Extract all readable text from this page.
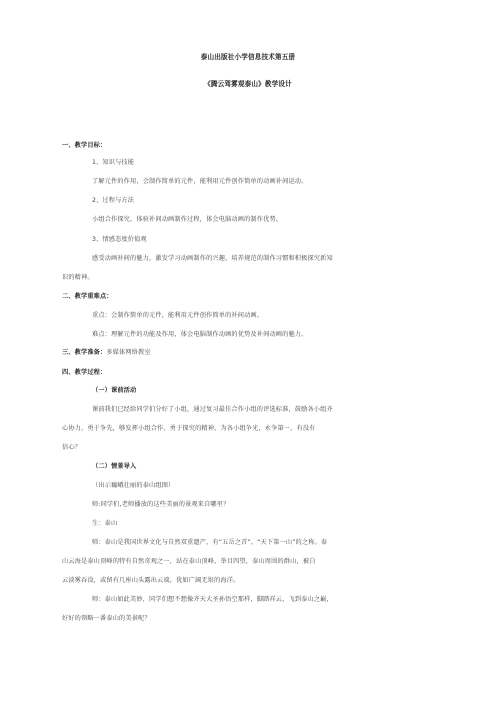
泰山出版社小学信息技术第五册
《腾云驾雾观泰山》教学设计
一、教学目标：
1、知识与技能
了解元件的作用，会制作简单的元件，能利用元件创作简单的动画补间运动。
2、过程与方法
小组合作探究，体验补间动画制作过程，体会电脑动画的制作优势。
3、情感态度价值观
感受动画补间的魅力，激发学习动画制作的兴趣，培养规范的制作习惯和积极探究新知
识的精神。
二、教学重难点：
重点：会制作简单的元件，能利用元件创作简单的补间动画。
难点：理解元件的功能及作用，体会电脑制作动画的优势及补间动画的魅力。
三、教学准备：多媒体网络教室
四、教学过程：
（一）课前活动
课前我们已经给同学们分好了小组，通过复习最佳合作小组的评选标准，鼓励各小组齐
心协力，勇于争先，够发挥小组合作、勇于探究的精神，为各小组争光，永争第一，有没有
信心？
（二）情景导入
（出示巍峨壮丽的泰山组图）
师:同学们,老师播放的这些美丽的景观来自哪里？
生：泰山
师：泰山是我国世界文化与自然双重遗产，有“五岳之首”、“天下第一山”的之称。泰
山云海是泰山顶峰的特有自然奇观之一，站在泰山顶峰，举目四望，泰山周围的群山，被白
云淡雾吞没，或留有几座山头露出云端，犹如广阔无垠的海洋。
师：泰山如此美妙，同学们想不想像齐天大圣孙悟空那样，脚踏祥云，飞到泰山之巅，
好好的领略一番泰山的美景呢？
